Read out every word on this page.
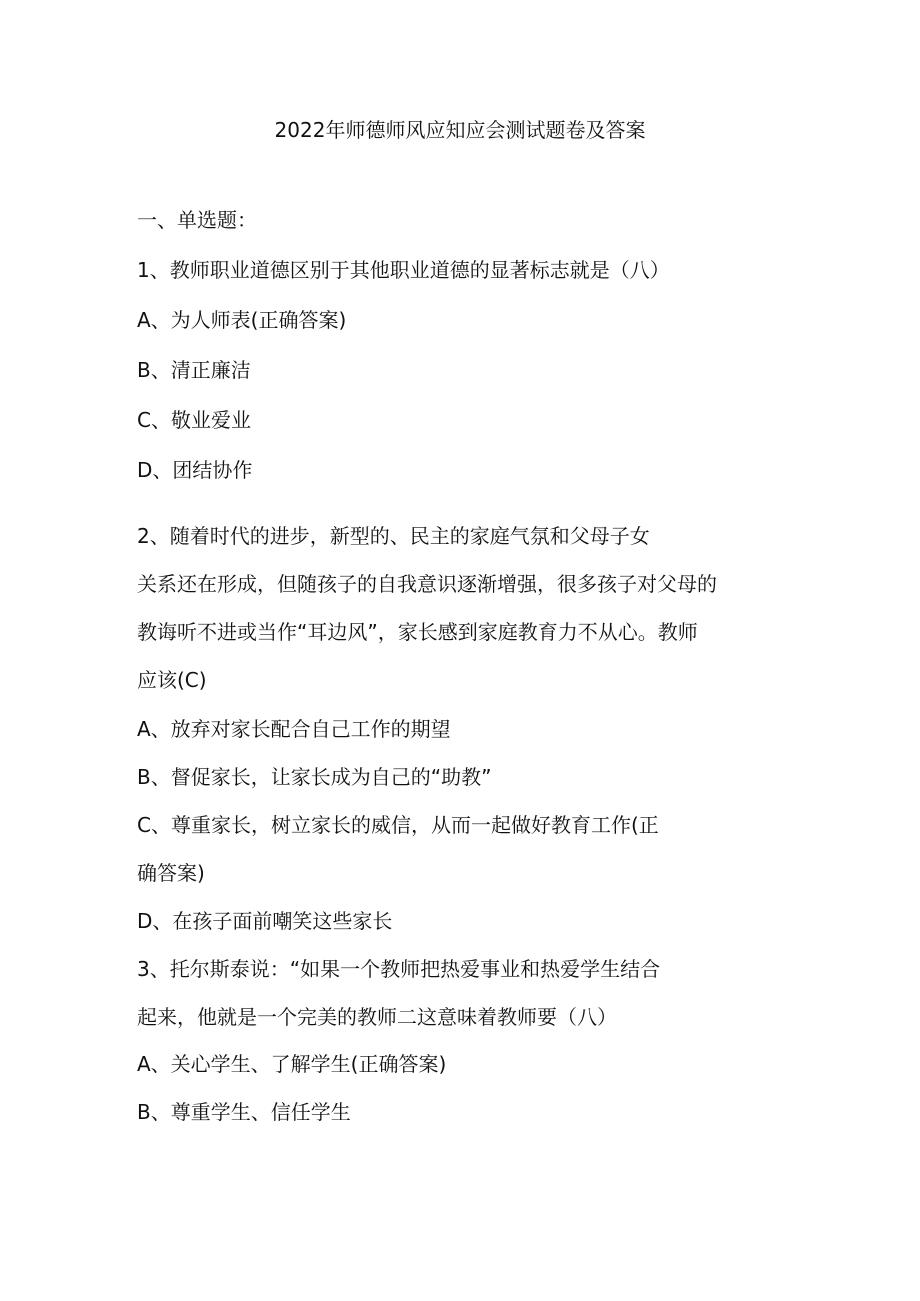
2022年师德师风应知应会测试题卷及答案
一、单选题：
1、教师职业道德区别于其他职业道德的显著标志就是（八）
A、为人师表(正确答案)
B、清正廉洁
C、敬业爱业
D、团结协作
2、随着时代的进步，新型的、民主的家庭气氛和父母子女
关系还在形成，但随孩子的自我意识逐渐增强，很多孩子对父母的
教诲听不进或当作“耳边风”，家长感到家庭教育力不从心。教师
应该(C)
A、放弃对家长配合自己工作的期望
B、督促家长，让家长成为自己的“助教”
C、尊重家长，树立家长的威信，从而一起做好教育工作(正
确答案)
D、在孩子面前嘲笑这些家长
3、托尔斯泰说：“如果一个教师把热爱事业和热爱学生结合
起来，他就是一个完美的教师二这意味着教师要（八）
A、关心学生、了解学生(正确答案)
B、尊重学生、信任学生
